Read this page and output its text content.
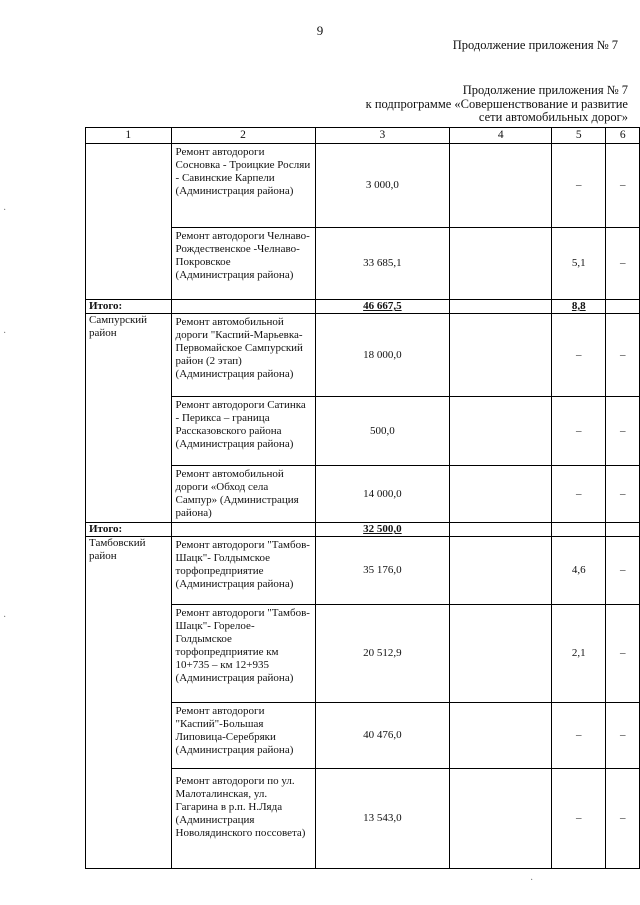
9
Продолжение приложения № 7
Продолжение приложения № 7
к подпрограмме «Совершенствование и развитие
сети автомобильных дорог»
·
·
·
·
1	2	3	4	5	6
	Ремонт автодороги Сосновка - Троицкие Росляи - Савинские Карпели (Администрация района)	3 000,0		–	–
	Ремонт автодороги Челнаво- Рождественское -Челнаво-Покровское (Администрация района)	33 685,1		5,1	–
Итого:		46 667,5		8,8	
Сампурский район	Ремонт автомобильной дороги "Каспий-Марьевка-Первомайское Сампурский район (2 этап) (Администрация района)	18 000,0		–	–
	Ремонт автодороги Сатинка - Перикса – граница Рассказовского района (Администрация района)	500,0		–	–
	Ремонт автомобильной дороги «Обход села Сампур» (Администрация района)	14 000,0		–	–
Итого:		32 500,0			
Тамбовский район	Ремонт автодороги "Тамбов-Шацк"- Голдымское торфопредприятие (Администрация района)	35 176,0		4,6	–
	Ремонт автодороги "Тамбов-Шацк"- Горелое-Голдымское торфопредприятие км 10+735 – км 12+935 (Администрация района)	20 512,9		2,1	–
	Ремонт автодороги "Каспий"-Большая Липовица-Серебряки (Администрация района)	40 476,0		–	–
	Ремонт автодороги по ул. Малоталинская, ул. Гагарина в р.п. Н.Ляда (Администрация Новолядинского поссовета)	13 543,0		–	–
